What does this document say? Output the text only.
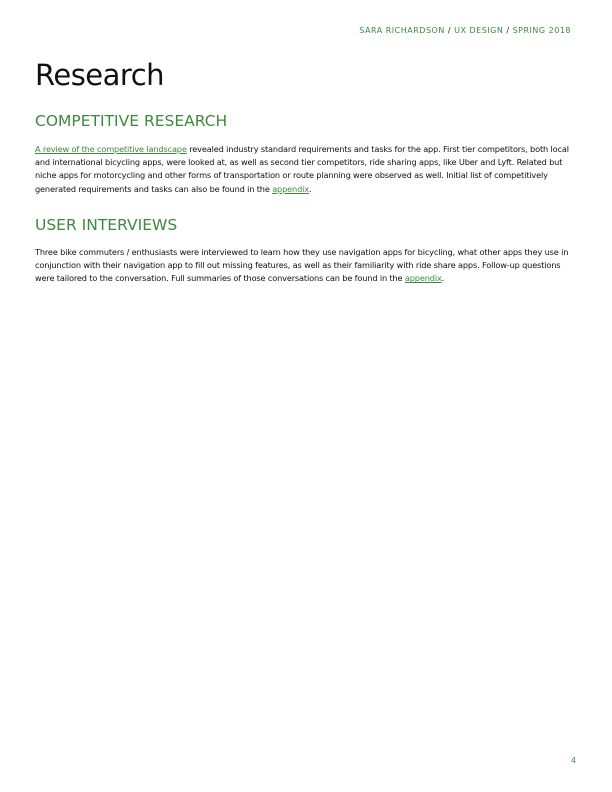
SARA RICHARDSON / UX DESIGN / SPRING 2018
Research
COMPETITIVE RESEARCH

A review of the competitive landscape revealed industry standard requirements and tasks for the app. First tier competitors, both local and international bicycling apps, were looked at, as well as second tier competitors, ride sharing apps, like Uber and Lyft. Related but niche apps for motorcycling and other forms of transportation or route planning were observed as well. Initial list of competitively generated requirements and tasks can also be found in the appendix.

USER INTERVIEWS

Three bike commuters / enthusiasts were interviewed to learn how they use navigation apps for bicycling, what other apps they use in conjunction with their navigation app to fill out missing features, as well as their familiarity with ride share apps. Follow-up questions were tailored to the conversation. Full summaries of those conversations can be found in the appendix.

4
